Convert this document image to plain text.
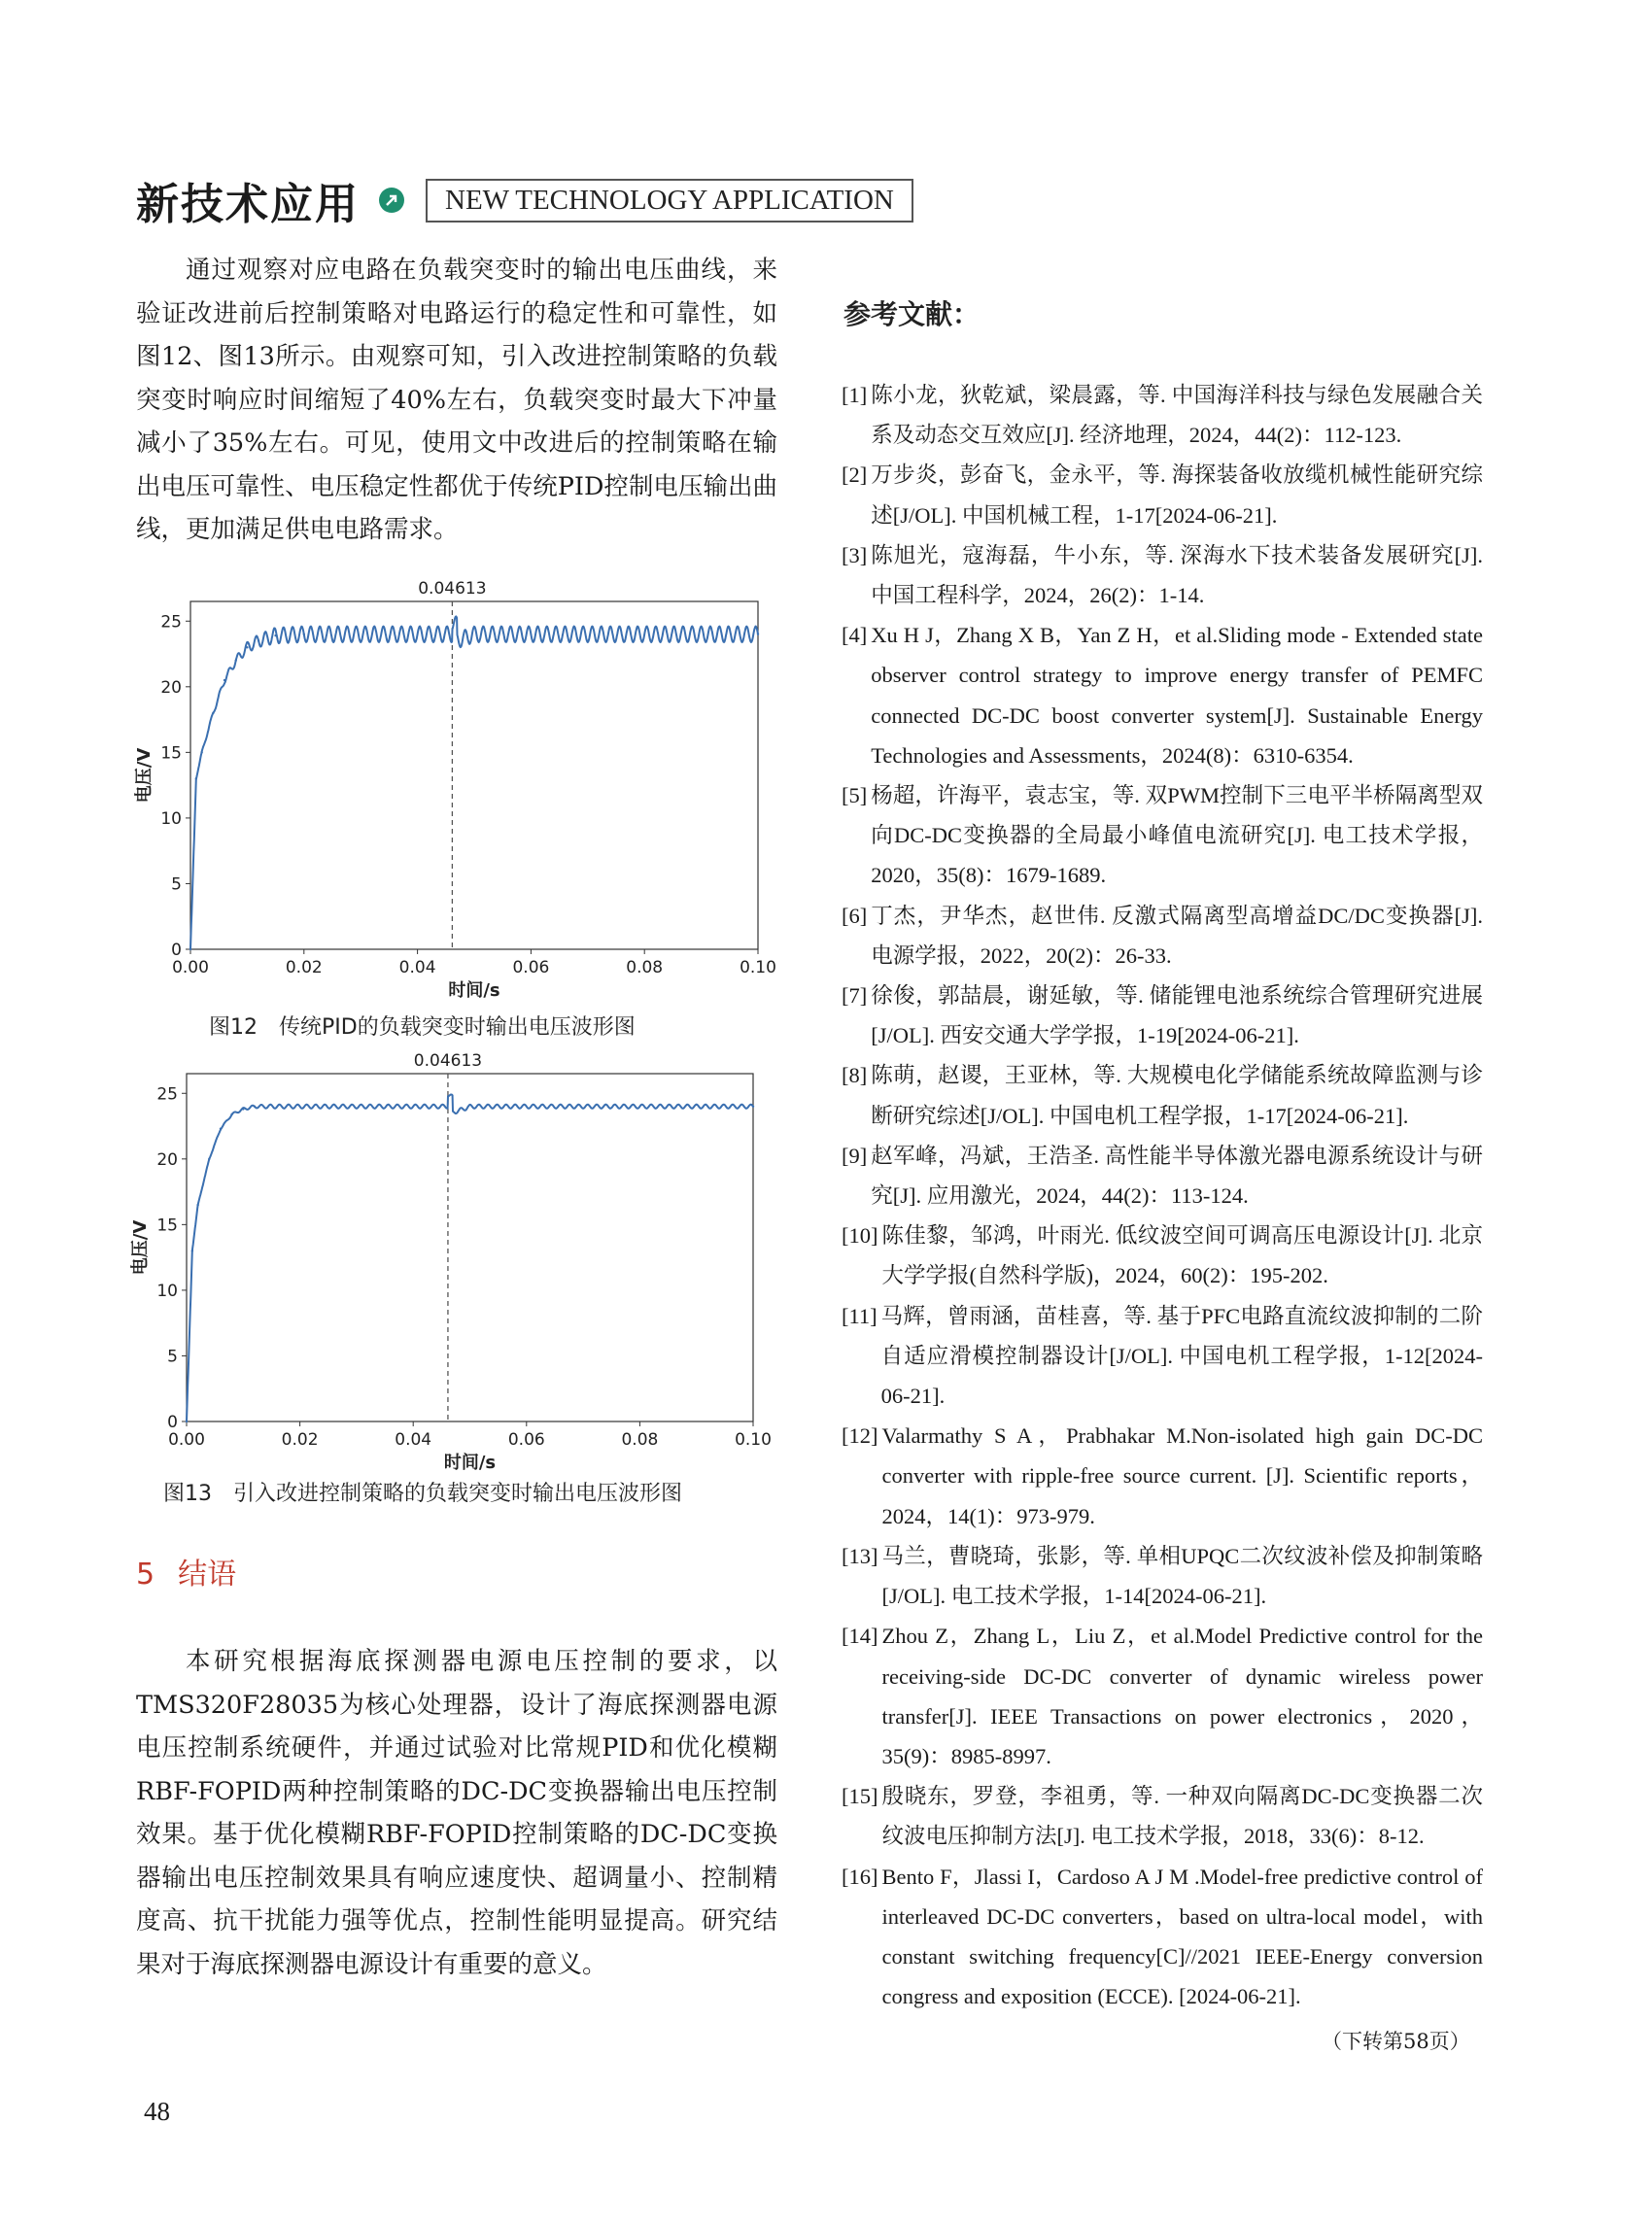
新技术应用	NEW TECHNOLOGY APPLICATION

通过观察对应电路在负载突变时的输出电压曲线，来验证改进前后控制策略对电路运行的稳定性和可靠性，如图12、图13所示。由观察可知，引入改进控制策略的负载突变时响应时间缩短了40%左右，负载突变时最大下冲量减小了35%左右。可见，使用文中改进后的控制策略在输出电压可靠性、电压稳定性都优于传统PID控制电压输出曲线，更加满足供电电路需求。

0
5
10
15
20
25
0.00	0.02	0.04	0.06	0.08	0.10
电压/V
时间/s
0.04613
图12　传统PID的负载突变时输出电压波形图
0
5
10
15
20
25
0.00	0.02	0.04	0.06	0.08	0.10
电压/V
时间/s
0.04613
图13　引入改进控制策略的负载突变时输出电压波形图
5 结语

本研究根据海底探测器电源电压控制的要求，以TMS320F28035为核心处理器，设计了海底探测器电源电压控制系统硬件，并通过试验对比常规PID和优化模糊RBF-FOPID两种控制策略的DC-DC变换器输出电压控制效果。基于优化模糊RBF-FOPID控制策略的DC-DC变换器输出电压控制效果具有响应速度快、超调量小、控制精度高、抗干扰能力强等优点，控制性能明显提高。研究结果对于海底探测器电源设计有重要的意义。

参考文献：
[1] 陈小龙，狄乾斌，梁晨露，等. 中国海洋科技与绿色发展融合关系及动态交互效应[J]. 经济地理，2024，44(2)：112-123.
[2] 万步炎，彭奋飞，金永平，等. 海探装备收放缆机械性能研究综述[J/OL]. 中国机械工程，1-17[2024-06-21].
[3] 陈旭光，寇海磊，牛小东，等. 深海水下技术装备发展研究[J]. 中国工程科学，2024，26(2)：1-14.
[4] Xu H J，Zhang X B，Yan Z H，et al.Sliding mode - Extended state observer control strategy to improve energy transfer of PEMFC connected DC-DC boost converter system[J]. Sustainable Energy Technologies and Assessments，2024(8)：6310-6354.
[5] 杨超，许海平，袁志宝，等. 双PWM控制下三电平半桥隔离型双向DC-DC变换器的全局最小峰值电流研究[J]. 电工技术学报，2020，35(8)：1679-1689.
[6] 丁杰，尹华杰，赵世伟. 反激式隔离型高增益DC/DC变换器[J]. 电源学报，2022，20(2)：26-33.
[7] 徐俊，郭喆晨，谢延敏，等. 储能锂电池系统综合管理研究进展[J/OL]. 西安交通大学学报，1-19[2024-06-21].
[8] 陈萌，赵谡，王亚林，等. 大规模电化学储能系统故障监测与诊断研究综述[J/OL]. 中国电机工程学报，1-17[2024-06-21].
[9] 赵军峰，冯斌，王浩圣. 高性能半导体激光器电源系统设计与研究[J]. 应用激光，2024，44(2)：113-124.
[10] 陈佳黎，邹鸿，叶雨光. 低纹波空间可调高压电源设计[J]. 北京大学学报(自然科学版)，2024，60(2)：195-202.
[11] 马辉，曾雨涵，苗桂喜，等. 基于PFC电路直流纹波抑制的二阶自适应滑模控制器设计[J/OL]. 中国电机工程学报，1-12[2024-06-21].
[12] Valarmathy S A，Prabhakar M.Non-isolated high gain DC-DC converter with ripple-free source current. [J]. Scientific reports，2024，14(1)：973-979.
[13] 马兰，曹晓琦，张影，等. 单相UPQC二次纹波补偿及抑制策略[J/OL]. 电工技术学报，1-14[2024-06-21].
[14] Zhou Z，Zhang L，Liu Z，et al.Model Predictive control for the receiving-side DC-DC converter of dynamic wireless power transfer[J]. IEEE Transactions on power electronics，2020，35(9)：8985-8997.
[15] 殷晓东，罗登，李祖勇，等. 一种双向隔离DC-DC变换器二次纹波电压抑制方法[J]. 电工技术学报，2018，33(6)：8-12.
[16] Bento F，Jlassi I，Cardoso A J M .Model-free predictive control of interleaved DC-DC converters，based on ultra-local model，with constant switching frequency[C]//2021 IEEE-Energy conversion congress and exposition (ECCE). [2024-06-21].
（下转第58页）
48
